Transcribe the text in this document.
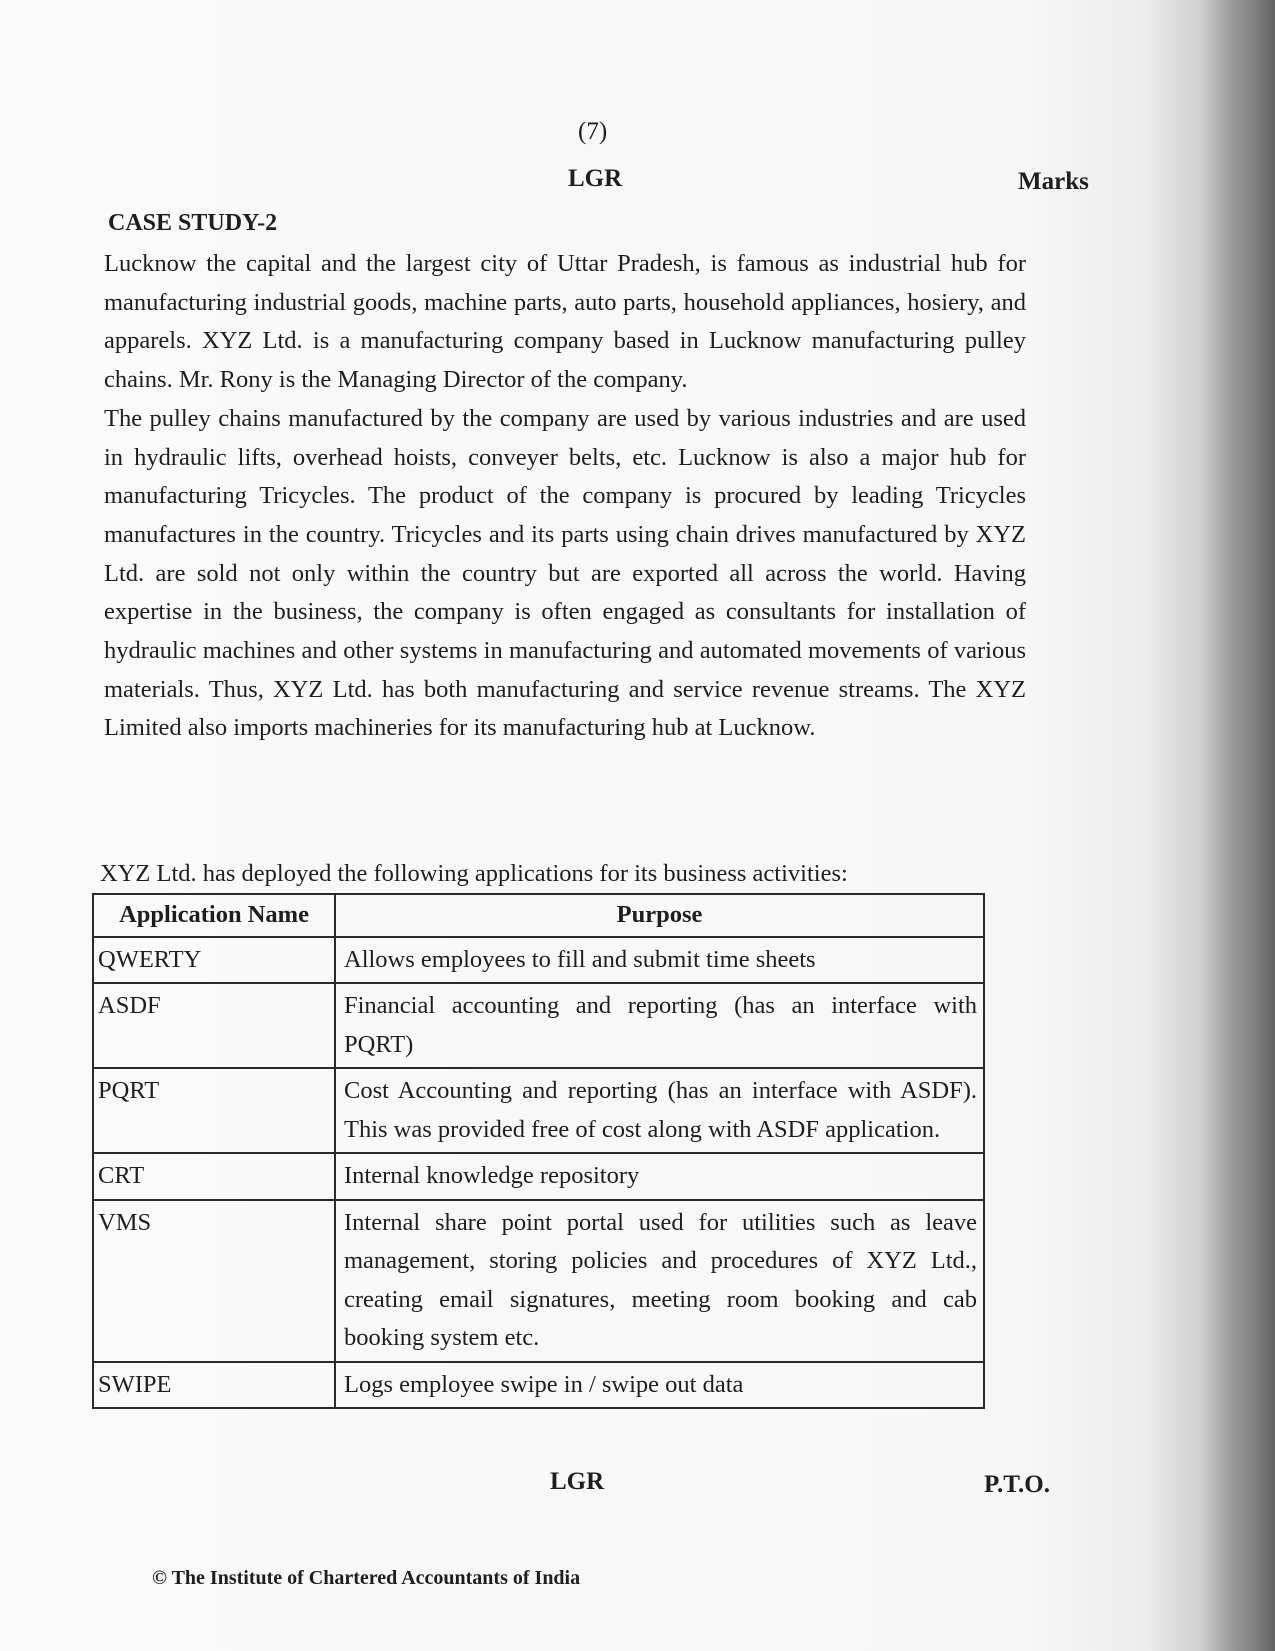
(7)
LGR	Marks
CASE STUDY-2

Lucknow the capital and the largest city of Uttar Pradesh, is famous as industrial hub for manufacturing industrial goods, machine parts, auto parts, household appliances, hosiery, and apparels. XYZ Ltd. is a manufacturing company based in Lucknow manufacturing pulley chains. Mr. Rony is the Managing Director of the company.

The pulley chains manufactured by the company are used by various industries and are used in hydraulic lifts, overhead hoists, conveyer belts, etc. Lucknow is also a major hub for manufacturing Tricycles. The product of the company is procured by leading Tricycles manufactures in the country. Tricycles and its parts using chain drives manufactured by XYZ Ltd. are sold not only within the country but are exported all across the world. Having expertise in the business, the company is often engaged as consultants for installation of hydraulic machines and other systems in manufacturing and automated movements of various materials. Thus, XYZ Ltd. has both manufacturing and service revenue streams. The XYZ Limited also imports machineries for its manufacturing hub at Lucknow.

XYZ Ltd. has deployed the following applications for its business activities:
Application Name	Purpose
QWERTY	Allows employees to fill and submit time sheets
ASDF	Financial accounting and reporting (has an interface with PQRT)
PQRT	Cost Accounting and reporting (has an interface with ASDF). This was provided free of cost along with ASDF application.
CRT	Internal knowledge repository
VMS	Internal share point portal used for utilities such as leave management, storing policies and procedures of XYZ Ltd., creating email signatures, meeting room booking and cab booking system etc.
SWIPE	Logs employee swipe in / swipe out data
LGR	P.T.O.
© The Institute of Chartered Accountants of India
